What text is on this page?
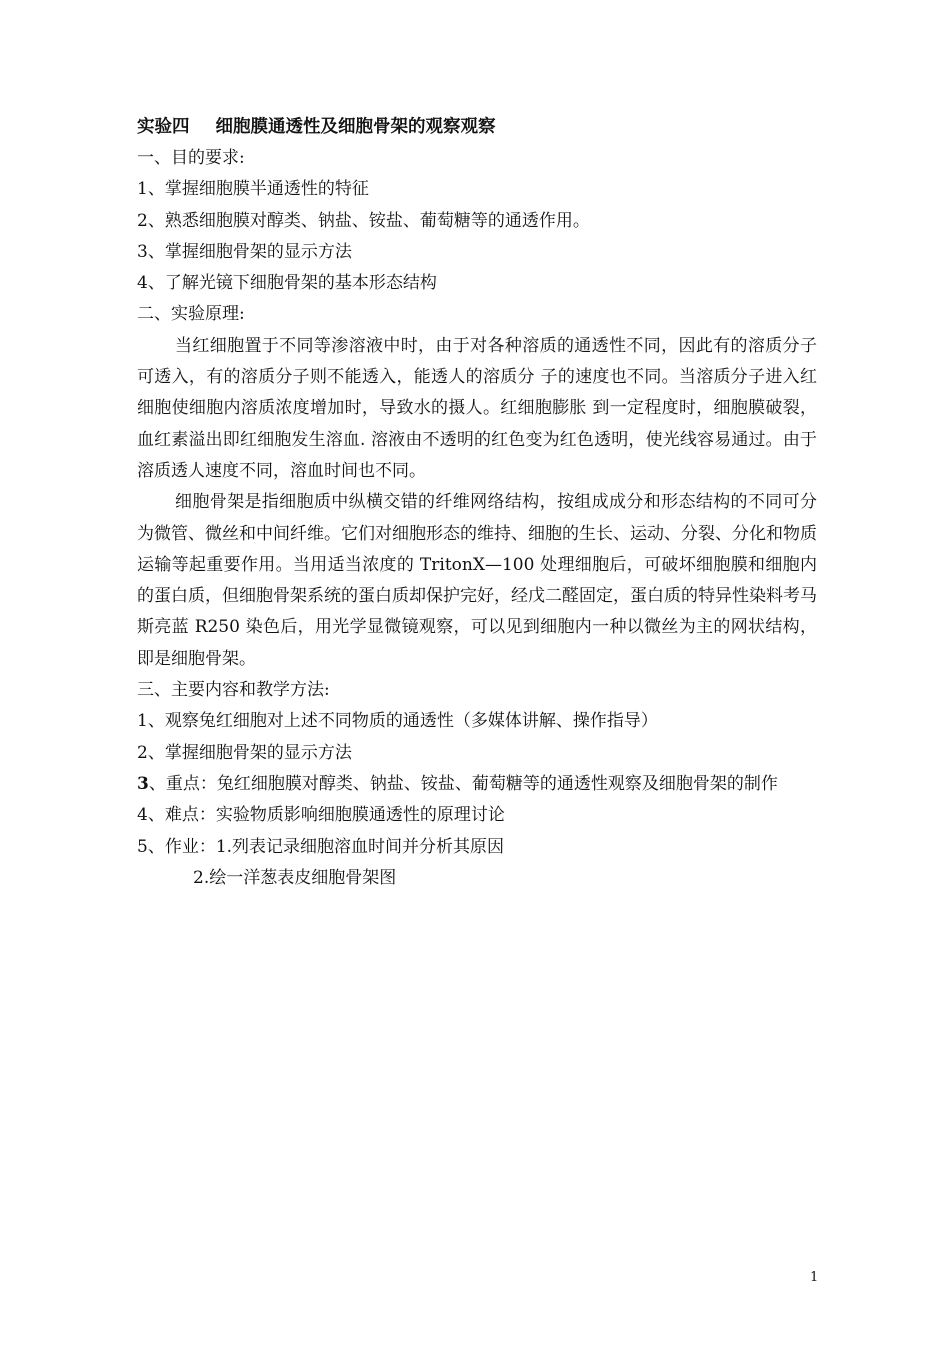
实验四 细胞膜通透性及细胞骨架的观察观察

一、目的要求:

1、掌握细胞膜半通透性的特征

2、熟悉细胞膜对醇类、钠盐、铵盐、葡萄糖等的通透作用。

3、掌握细胞骨架的显示方法

4、了解光镜下细胞骨架的基本形态结构

二、实验原理:

当红细胞置于不同等渗溶液中时，由于对各种溶质的通透性不同，因此有的溶质分子可透入，有的溶质分子则不能透入，能透人的溶质分 子的速度也不同。当溶质分子进入红细胞使细胞内溶质浓度增加时，导致水的摄人。红细胞膨胀 到一定程度时，细胞膜破裂，血红素溢出即红细胞发生溶血. 溶液由不透明的红色变为红色透明，使光线容易通过。由于溶质透人速度不同，溶血时间也不同。

细胞骨架是指细胞质中纵横交错的纤维网络结构，按组成成分和形态结构的不同可分为微管、微丝和中间纤维。它们对细胞形态的维持、细胞的生长、运动、分裂、分化和物质运输等起重要作用。当用适当浓度的 TritonX—100 处理细胞后，可破坏细胞膜和细胞内的蛋白质，但细胞骨架系统的蛋白质却保护完好，经戊二醛固定，蛋白质的特异性染料考马斯亮蓝 R250 染色后，用光学显微镜观察，可以见到细胞内一种以微丝为主的网状结构，即是细胞骨架。

三、主要内容和教学方法:

1、观察兔红细胞对上述不同物质的通透性（多媒体讲解、操作指导）

2、掌握细胞骨架的显示方法

3、重点：兔红细胞膜对醇类、钠盐、铵盐、葡萄糖等的通透性观察及细胞骨架的制作

4、难点：实验物质影响细胞膜通透性的原理讨论

5、作业：1.列表记录细胞溶血时间并分析其原因

2.绘一洋葱表皮细胞骨架图

1
